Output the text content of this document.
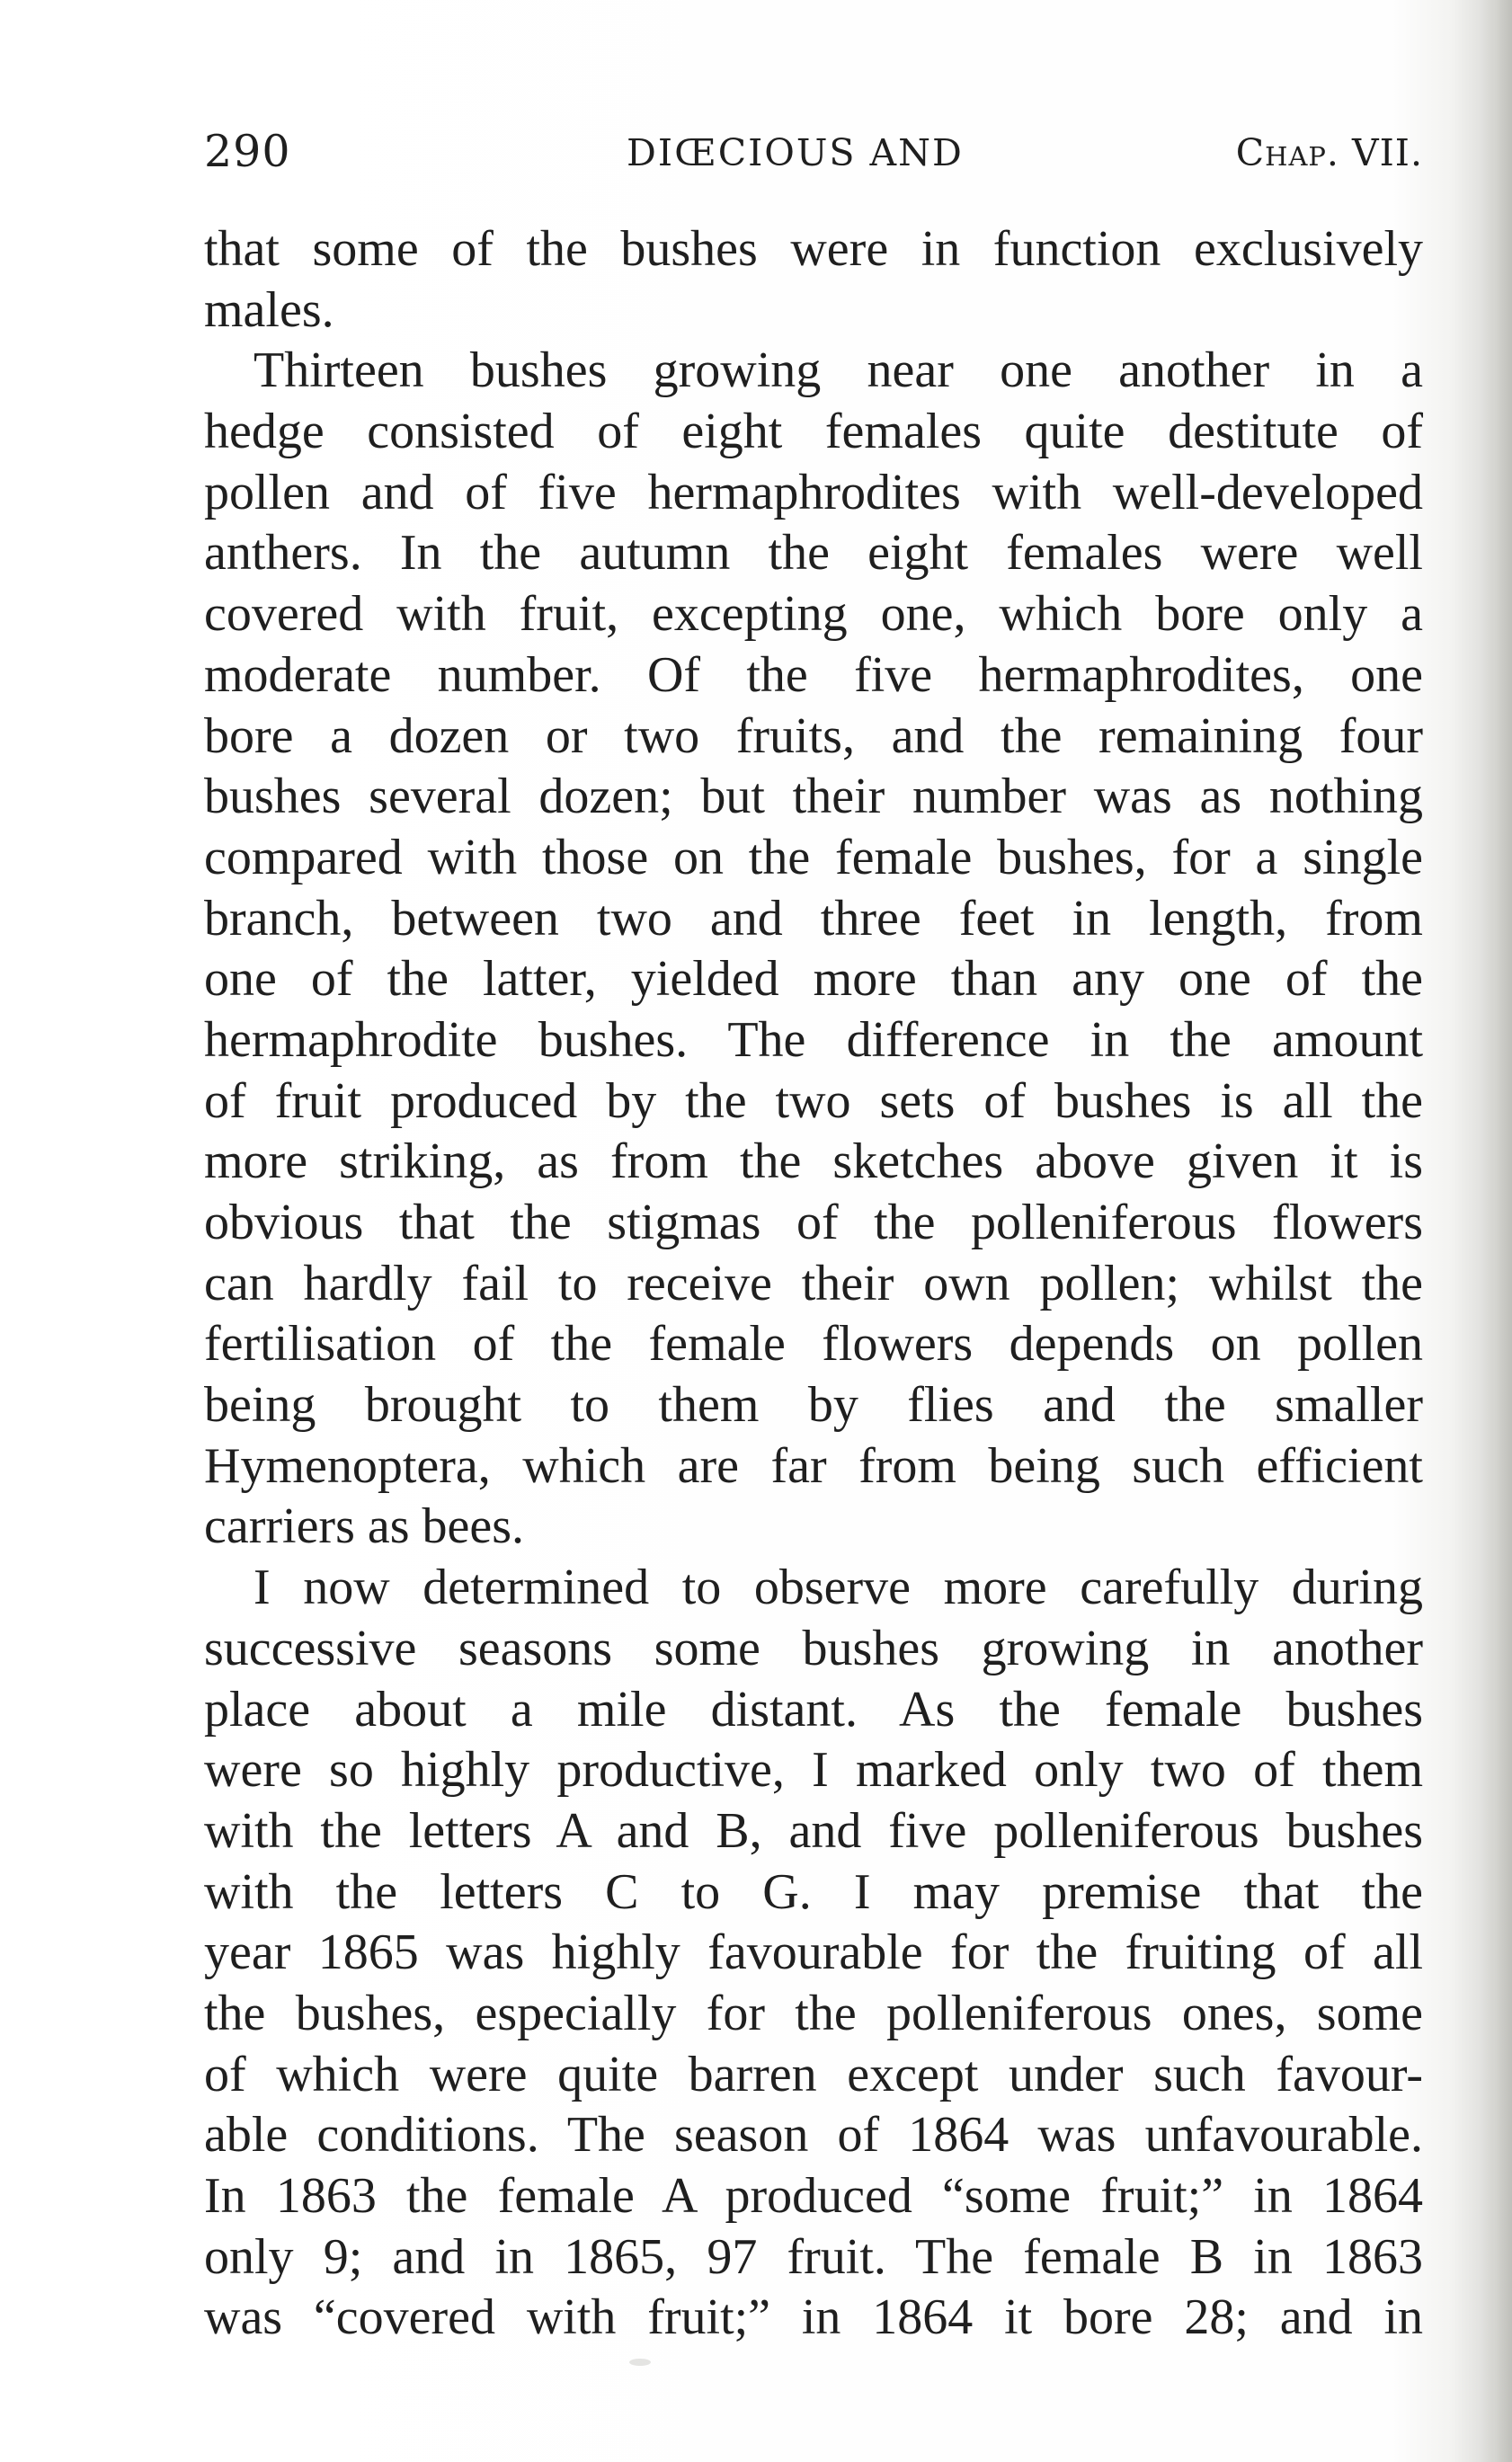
290	DIŒCIOUS AND	Chap. VII.
that some of the bushes were in function exclusively
males.
Thirteen bushes growing near one another in a
hedge consisted of eight females quite destitute of
pollen and of five hermaphrodites with well-developed
anthers. In the autumn the eight females were well
covered with fruit, excepting one, which bore only a
moderate number. Of the five hermaphrodites, one
bore a dozen or two fruits, and the remaining four
bushes several dozen; but their number was as nothing
compared with those on the female bushes, for a single
branch, between two and three feet in length, from
one of the latter, yielded more than any one of the
hermaphrodite bushes. The difference in the amount
of fruit produced by the two sets of bushes is all the
more striking, as from the sketches above given it is
obvious that the stigmas of the polleniferous flowers
can hardly fail to receive their own pollen; whilst the
fertilisation of the female flowers depends on pollen
being brought to them by flies and the smaller
Hymenoptera, which are far from being such efficient
carriers as bees.
I now determined to observe more carefully during
successive seasons some bushes growing in another
place about a mile distant. As the female bushes
were so highly productive, I marked only two of them
with the letters A and B, and five polleniferous bushes
with the letters C to G. I may premise that the
year 1865 was highly favourable for the fruiting of all
the bushes, especially for the polleniferous ones, some
of which were quite barren except under such favour-
able conditions. The season of 1864 was unfavourable.
In 1863 the female A produced “some fruit;” in 1864
only 9; and in 1865, 97 fruit. The female B in 1863
was “covered with fruit;” in 1864 it bore 28; and in
